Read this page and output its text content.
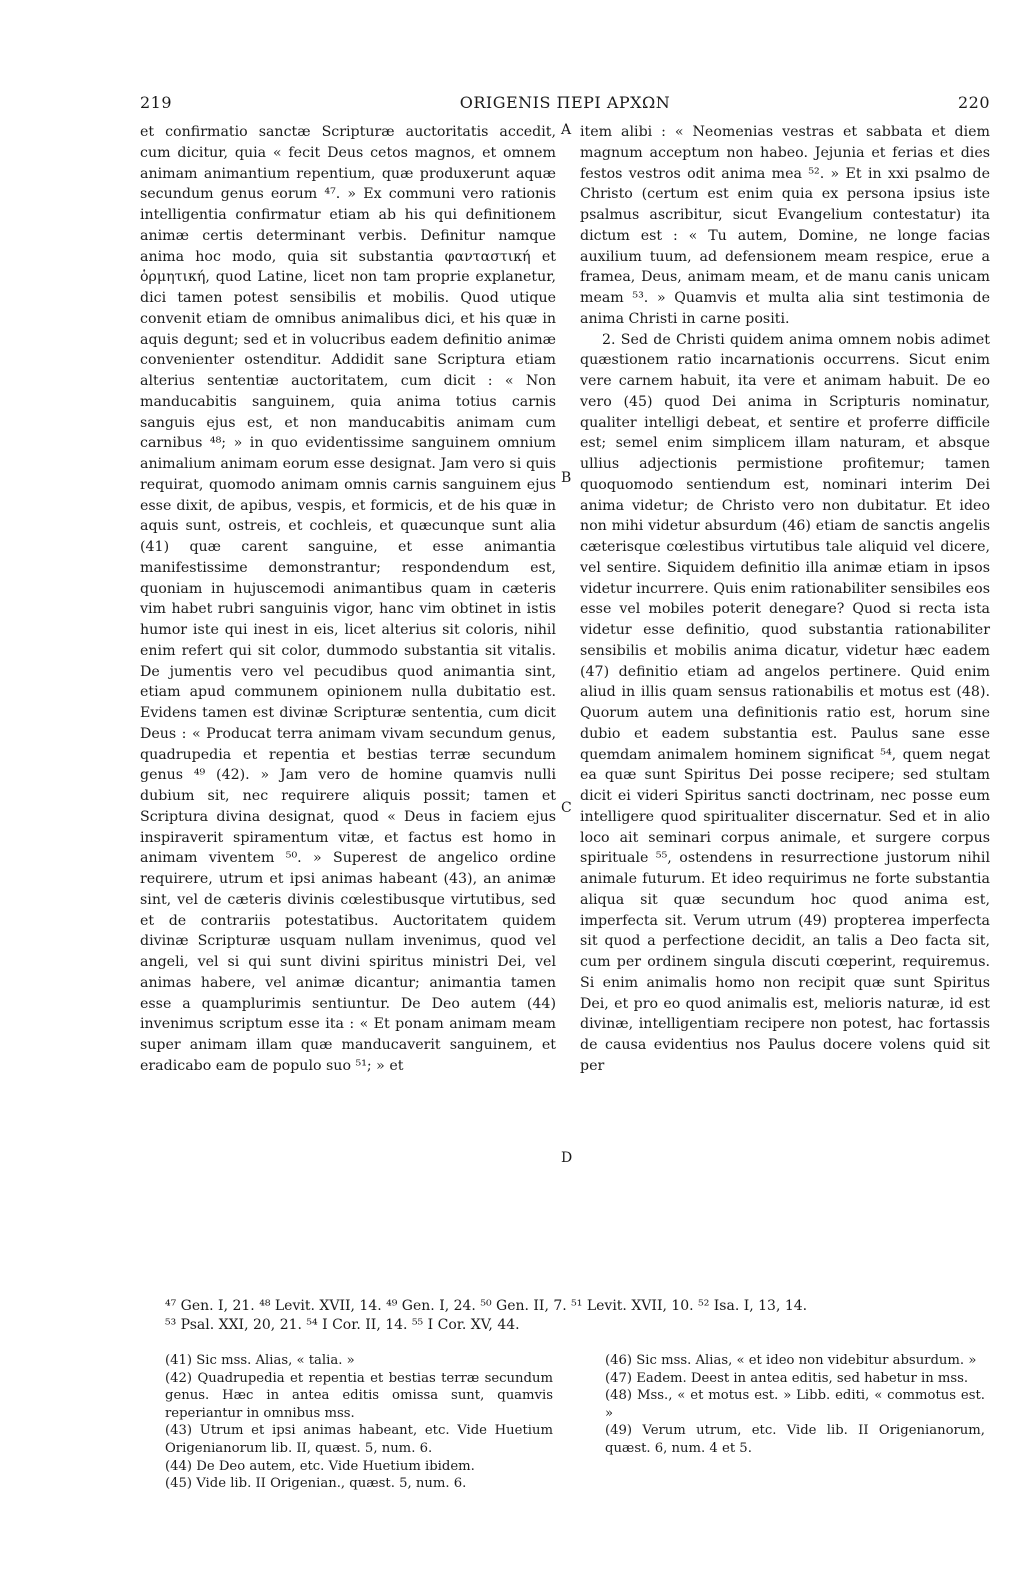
219	ORIGENIS ΠΕΡΙ ΑΡΧΩΝ	220

et confirmatio sanctæ Scripturæ auctoritatis accedit, cum dicitur, quia « fecit Deus cetos magnos, et omnem animam animantium repentium, quæ produxerunt aquæ secundum genus eorum ⁴⁷. » Ex communi vero rationis intelligentia confirmatur etiam ab his qui definitionem animæ certis determinant verbis. Definitur namque anima hoc modo, quia sit substantia φανταστική et ὁρμητική, quod Latine, licet non tam proprie explanetur, dici tamen potest sensibilis et mobilis. Quod utique convenit etiam de omnibus animalibus dici, et his quæ in aquis degunt; sed et in volucribus eadem definitio animæ convenienter ostenditur. Addidit sane Scriptura etiam alterius sententiæ auctoritatem, cum dicit : « Non manducabitis sanguinem, quia anima totius carnis sanguis ejus est, et non manducabitis animam cum carnibus ⁴⁸; » in quo evidentissime sanguinem omnium animalium animam eorum esse designat. Jam vero si quis requirat, quomodo animam omnis carnis sanguinem ejus esse dixit, de apibus, vespis, et formicis, et de his quæ in aquis sunt, ostreis, et cochleis, et quæcunque sunt alia (41) quæ carent sanguine, et esse animantia manifestissime demonstrantur; respondendum est, quoniam in hujuscemodi animantibus quam in cæteris vim habet rubri sanguinis vigor, hanc vim obtinet in istis humor iste qui inest in eis, licet alterius sit coloris, nihil enim refert qui sit color, dummodo substantia sit vitalis. De jumentis vero vel pecudibus quod animantia sint, etiam apud communem opinionem nulla dubitatio est. Evidens tamen est divinæ Scripturæ sententia, cum dicit Deus : « Producat terra animam vivam secundum genus, quadrupedia et repentia et bestias terræ secundum genus ⁴⁹ (42). » Jam vero de homine quamvis nulli dubium sit, nec requirere aliquis possit; tamen et Scriptura divina designat, quod « Deus in faciem ejus inspiraverit spiramentum vitæ, et factus est homo in animam viventem ⁵⁰. » Superest de angelico ordine requirere, utrum et ipsi animas habeant (43), an animæ sint, vel de cæteris divinis cœlestibusque virtutibus, sed et de contrariis potestatibus. Auctoritatem quidem divinæ Scripturæ usquam nullam invenimus, quod vel angeli, vel si qui sunt divini spiritus ministri Dei, vel animas habere, vel animæ dicantur; animantia tamen esse a quamplurimis sentiuntur. De Deo autem (44) invenimus scriptum esse ita : « Et ponam animam meam super animam illam quæ manducaverit sanguinem, et eradicabo eam de populo suo ⁵¹; » et

A
B
C
D

item alibi : « Neomenias vestras et sabbata et diem magnum acceptum non habeo. Jejunia et ferias et dies festos vestros odit anima mea ⁵². » Et in xxi psalmo de Christo (certum est enim quia ex persona ipsius iste psalmus ascribitur, sicut Evangelium contestatur) ita dictum est : « Tu autem, Domine, ne longe facias auxilium tuum, ad defensionem meam respice, erue a framea, Deus, animam meam, et de manu canis unicam meam ⁵³. » Quamvis et multa alia sint testimonia de anima Christi in carne positi.

2. Sed de Christi quidem anima omnem nobis adimet quæstionem ratio incarnationis occurrens. Sicut enim vere carnem habuit, ita vere et animam habuit. De eo vero (45) quod Dei anima in Scripturis nominatur, qualiter intelligi debeat, et sentire et proferre difficile est; semel enim simplicem illam naturam, et absque ullius adjectionis permistione profitemur; tamen quoquomodo sentiendum est, nominari interim Dei anima videtur; de Christo vero non dubitatur. Et ideo non mihi videtur absurdum (46) etiam de sanctis angelis cæterisque cœlestibus virtutibus tale aliquid vel dicere, vel sentire. Siquidem definitio illa animæ etiam in ipsos videtur incurrere. Quis enim rationabiliter sensibiles eos esse vel mobiles poterit denegare? Quod si recta ista videtur esse definitio, quod substantia rationabiliter sensibilis et mobilis anima dicatur, videtur hæc eadem (47) definitio etiam ad angelos pertinere. Quid enim aliud in illis quam sensus rationabilis et motus est (48). Quorum autem una definitionis ratio est, horum sine dubio et eadem substantia est. Paulus sane esse quemdam animalem hominem significat ⁵⁴, quem negat ea quæ sunt Spiritus Dei posse recipere; sed stultam dicit ei videri Spiritus sancti doctrinam, nec posse eum intelligere quod spiritualiter discernatur. Sed et in alio loco ait seminari corpus animale, et surgere corpus spirituale ⁵⁵, ostendens in resurrectione justorum nihil animale futurum. Et ideo requirimus ne forte substantia aliqua sit quæ secundum hoc quod anima est, imperfecta sit. Verum utrum (49) propterea imperfecta sit quod a perfectione decidit, an talis a Deo facta sit, cum per ordinem singula discuti cœperint, requiremus. Si enim animalis homo non recipit quæ sunt Spiritus Dei, et pro eo quod animalis est, melioris naturæ, id est divinæ, intelligentiam recipere non potest, hac fortassis de causa evidentius nos Paulus docere volens quid sit per

⁴⁷ Gen. I, 21. ⁴⁸ Levit. XVII, 14. ⁴⁹ Gen. I, 24. ⁵⁰ Gen. II, 7. ⁵¹ Levit. XVII, 10. ⁵² Isa. I, 13, 14.
⁵³ Psal. XXI, 20, 21. ⁵⁴ I Cor. II, 14. ⁵⁵ I Cor. XV, 44.

(41) Sic mss. Alias, « talia. »

(42) Quadrupedia et repentia et bestias terræ secundum genus. Hæc in antea editis omissa sunt, quamvis reperiantur in omnibus mss.

(43) Utrum et ipsi animas habeant, etc. Vide Huetium Origenianorum lib. II, quæst. 5, num. 6.

(44) De Deo autem, etc. Vide Huetium ibidem.

(45) Vide lib. II Origenian., quæst. 5, num. 6.

(46) Sic mss. Alias, « et ideo non videbitur absurdum. »

(47) Eadem. Deest in antea editis, sed habetur in mss.

(48) Mss., « et motus est. » Libb. editi, « commotus est. »

(49) Verum utrum, etc. Vide lib. II Origenianorum, quæst. 6, num. 4 et 5.
